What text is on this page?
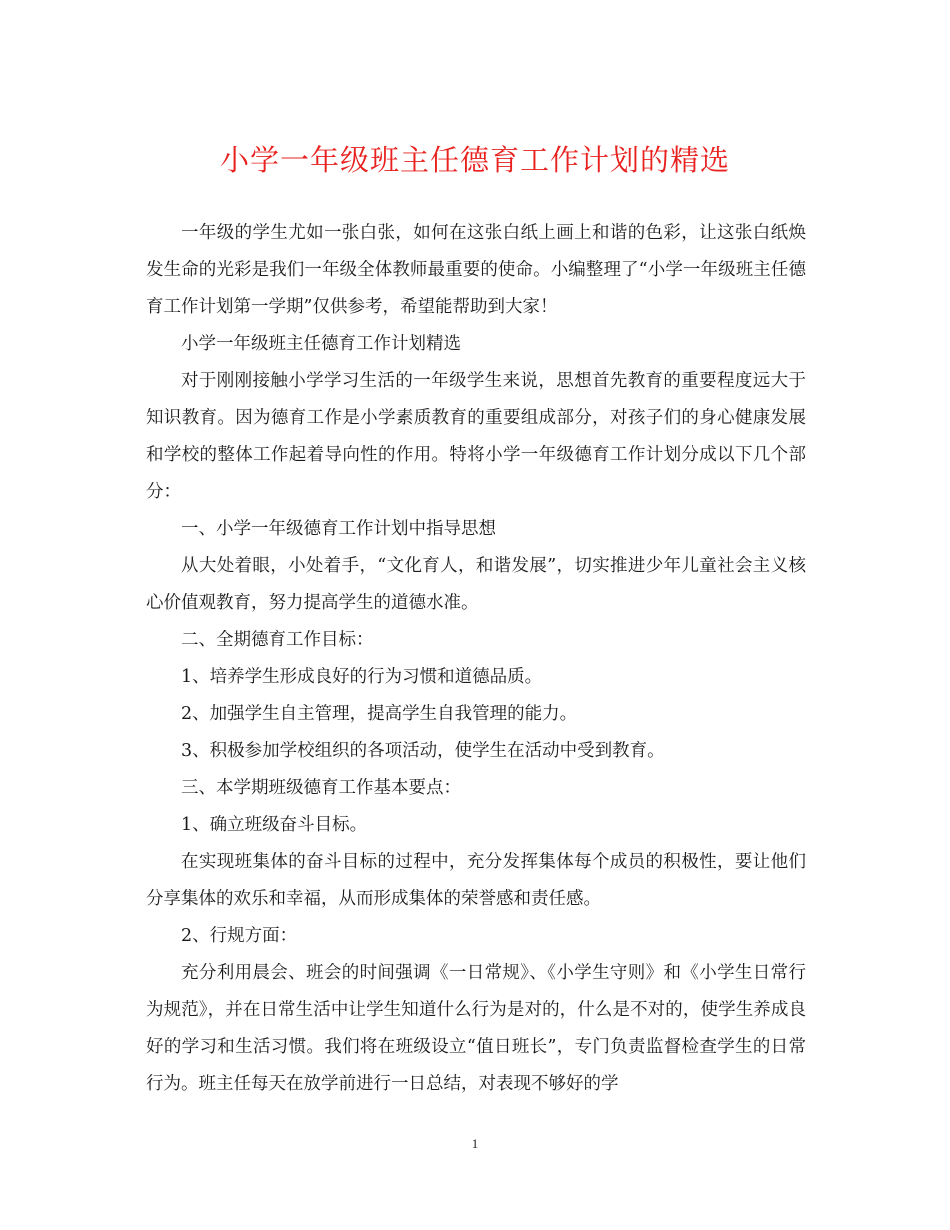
小学一年级班主任德育工作计划的精选

一年级的学生尤如一张白张，如何在这张白纸上画上和谐的色彩，让这张白纸焕发生命的光彩是我们一年级全体教师最重要的使命。小编整理了“小学一年级班主任德育工作计划第一学期”仅供参考，希望能帮助到大家！

小学一年级班主任德育工作计划精选

对于刚刚接触小学学习生活的一年级学生来说，思想首先教育的重要程度远大于知识教育。因为德育工作是小学素质教育的重要组成部分，对孩子们的身心健康发展和学校的整体工作起着导向性的作用。特将小学一年级德育工作计划分成以下几个部分：

一、小学一年级德育工作计划中指导思想

从大处着眼，小处着手，“文化育人，和谐发展”，切实推进少年儿童社会主义核心价值观教育，努力提高学生的道德水准。

二、全期德育工作目标：

1、培养学生形成良好的行为习惯和道德品质。

2、加强学生自主管理，提高学生自我管理的能力。

3、积极参加学校组织的各项活动，使学生在活动中受到教育。

三、本学期班级德育工作基本要点：

1、确立班级奋斗目标。

在实现班集体的奋斗目标的过程中，充分发挥集体每个成员的积极性，要让他们分享集体的欢乐和幸福，从而形成集体的荣誉感和责任感。

2、行规方面：

充分利用晨会、班会的时间强调《一日常规》、《小学生守则》和《小学生日常行为规范》，并在日常生活中让学生知道什么行为是对的，什么是不对的，使学生养成良好的学习和生活习惯。我们将在班级设立“值日班长”，专门负责监督检查学生的日常行为。班主任每天在放学前进行一日总结，对表现不够好的学

1
